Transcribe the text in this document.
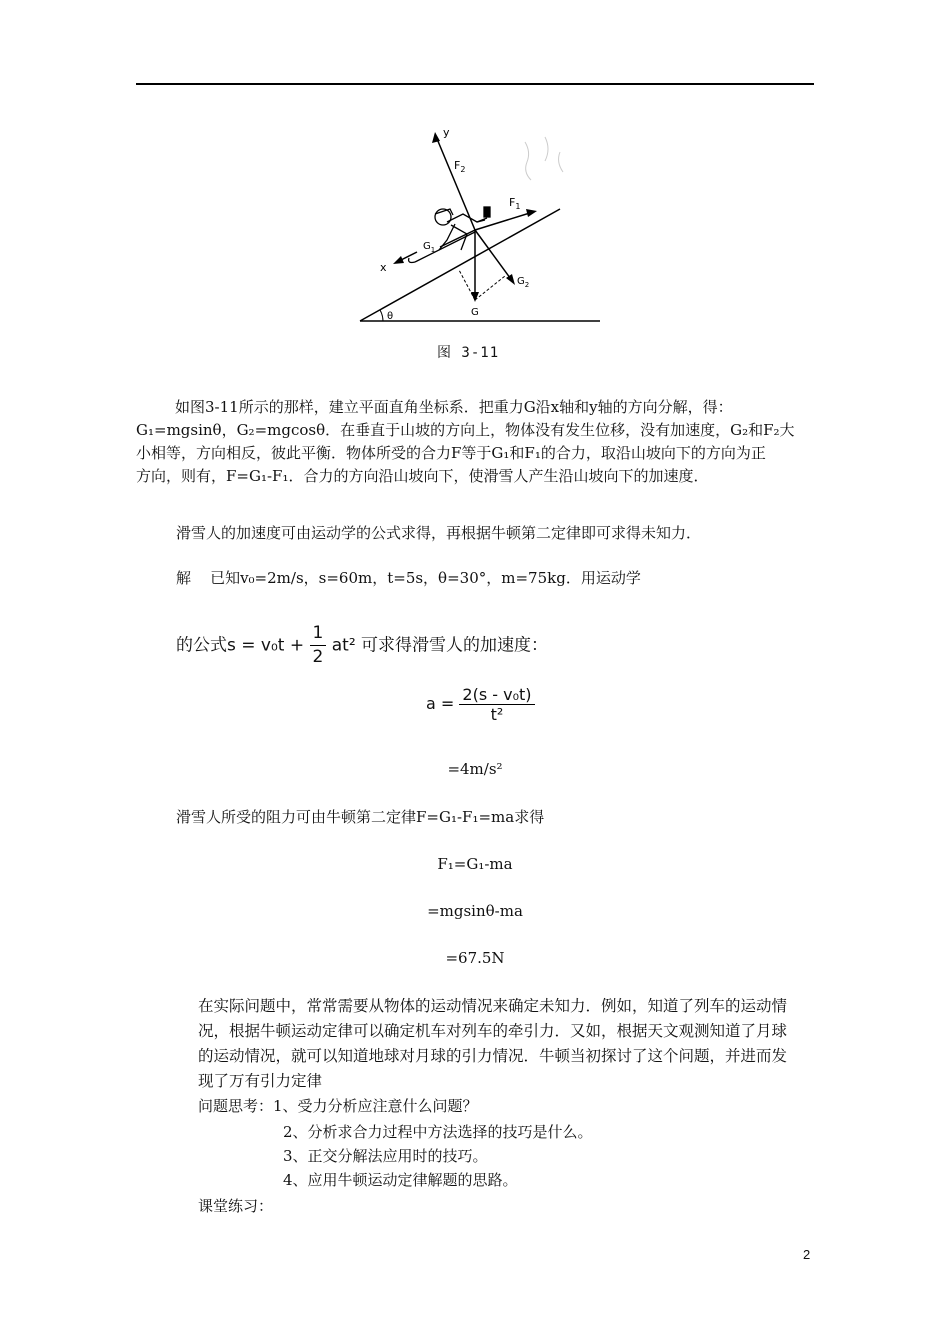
θ
y
$F_2$
$G_2$
$F_1$
G
$G_1$
x
图 3-11
如图3-11所示的那样，建立平面直角坐标系．把重力G沿x轴和y轴的方向分解，得：
G₁=mgsinθ，G₂=mgcosθ．在垂直于山坡的方向上，物体没有发生位移，没有加速度，G₂和F₂大
小相等，方向相反，彼此平衡．物体所受的合力F等于G₁和F₁的合力，取沿山坡向下的方向为正
方向，则有，F=G₁-F₁．合力的方向沿山坡向下，使滑雪人产生沿山坡向下的加速度．
滑雪人的加速度可由运动学的公式求得，再根据牛顿第二定律即可求得未知力．
解    已知v₀=2m/s，s=60m，t=5s，θ=30°，m=75kg．用运动学
的公式$s = v_0t + \frac{1}{2} at^2$ 可求得滑雪人的加速度：
$a = \frac{\text{2(s - v₀t)}}{\text{t²}}$
=4m/s²
滑雪人所受的阻力可由牛顿第二定律F=G₁-F₁=ma求得
F₁=G₁-ma
=mgsinθ-ma
=67.5N
在实际问题中，常常需要从物体的运动情况来确定未知力．例如，知道了列车的运动情
况，根据牛顿运动定律可以确定机车对列车的牵引力．又如，根据天文观测知道了月球
的运动情况，就可以知道地球对月球的引力情况．牛顿当初探讨了这个问题，并进而发
现了万有引力定律
问题思考：1、受力分析应注意什么问题？
2、分析求合力过程中方法选择的技巧是什么。
3、正交分解法应用时的技巧。
4、应用牛顿运动定律解题的思路。
课堂练习：
2
